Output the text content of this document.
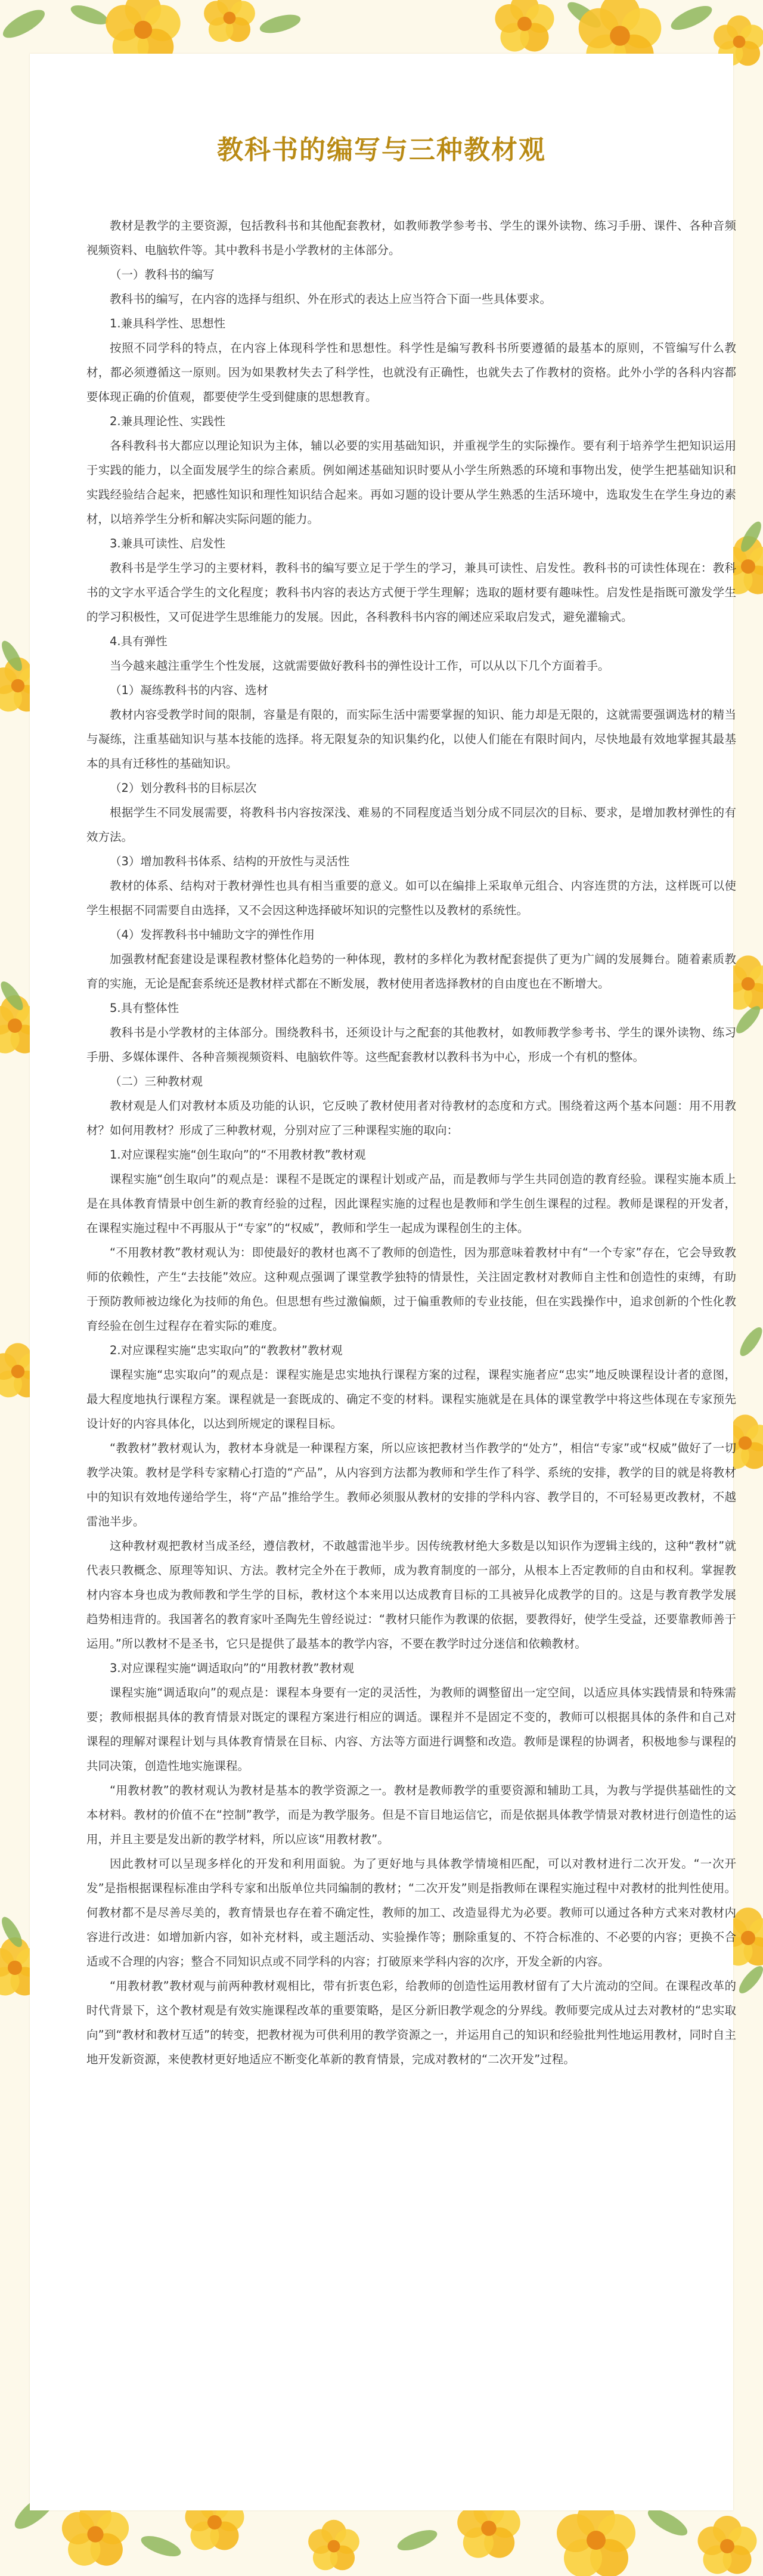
教科书的编写与三种教材观

教材是教学的主要资源，包括教科书和其他配套教材，如教师教学参考书、学生的课外读物、练习手册、课件、各种音频视频资料、电脑软件等。其中教科书是小学教材的主体部分。

（一）教科书的编写

教科书的编写，在内容的选择与组织、外在形式的表达上应当符合下面一些具体要求。

1.兼具科学性、思想性

按照不同学科的特点，在内容上体现科学性和思想性。科学性是编写教科书所要遵循的最基本的原则，不管编写什么教材，都必须遵循这一原则。因为如果教材失去了科学性，也就没有正确性，也就失去了作教材的资格。此外小学的各科内容都要体现正确的价值观，都要使学生受到健康的思想教育。

2.兼具理论性、实践性

各科教科书大都应以理论知识为主体，辅以必要的实用基础知识，并重视学生的实际操作。要有利于培养学生把知识运用于实践的能力，以全面发展学生的综合素质。例如阐述基础知识时要从小学生所熟悉的环境和事物出发，使学生把基础知识和实践经验结合起来，把感性知识和理性知识结合起来。再如习题的设计要从学生熟悉的生活环境中，选取发生在学生身边的素材，以培养学生分析和解决实际问题的能力。

3.兼具可读性、启发性

教科书是学生学习的主要材料，教科书的编写要立足于学生的学习，兼具可读性、启发性。教科书的可读性体现在：教科书的文字水平适合学生的文化程度；教科书内容的表达方式便于学生理解；选取的题材要有趣味性。启发性是指既可激发学生的学习积极性，又可促进学生思维能力的发展。因此，各科教科书内容的阐述应采取启发式，避免灌输式。

4.具有弹性

当今越来越注重学生个性发展，这就需要做好教科书的弹性设计工作，可以从以下几个方面着手。

（1）凝练教科书的内容、选材

教材内容受教学时间的限制，容量是有限的，而实际生活中需要掌握的知识、能力却是无限的，这就需要强调选材的精当与凝练，注重基础知识与基本技能的选择。将无限复杂的知识集约化，以使人们能在有限时间内，尽快地最有效地掌握其最基本的具有迁移性的基础知识。

（2）划分教科书的目标层次

根据学生不同发展需要，将教科书内容按深浅、难易的不同程度适当划分成不同层次的目标、要求，是增加教材弹性的有效方法。

（3）增加教科书体系、结构的开放性与灵活性

教材的体系、结构对于教材弹性也具有相当重要的意义。如可以在编排上采取单元组合、内容连贯的方法，这样既可以使学生根据不同需要自由选择，又不会因这种选择破坏知识的完整性以及教材的系统性。

（4）发挥教科书中辅助文字的弹性作用

加强教材配套建设是课程教材整体化趋势的一种体现，教材的多样化为教材配套提供了更为广阔的发展舞台。随着素质教育的实施，无论是配套系统还是教材样式都在不断发展，教材使用者选择教材的自由度也在不断增大。

5.具有整体性

教科书是小学教材的主体部分。围绕教科书，还须设计与之配套的其他教材，如教师教学参考书、学生的课外读物、练习手册、多媒体课件、各种音频视频资料、电脑软件等。这些配套教材以教科书为中心，形成一个有机的整体。

（二）三种教材观

教材观是人们对教材本质及功能的认识，它反映了教材使用者对待教材的态度和方式。围绕着这两个基本问题：用不用教材？如何用教材？形成了三种教材观，分别对应了三种课程实施的取向：

1.对应课程实施“创生取向”的“不用教材教”教材观

课程实施“创生取向”的观点是：课程不是既定的课程计划或产品，而是教师与学生共同创造的教育经验。课程实施本质上是在具体教育情景中创生新的教育经验的过程，因此课程实施的过程也是教师和学生创生课程的过程。教师是课程的开发者，在课程实施过程中不再服从于“专家”的“权威”，教师和学生一起成为课程创生的主体。

“不用教材教”教材观认为：即使最好的教材也离不了教师的创造性，因为那意味着教材中有“一个专家”存在，它会导致教师的依赖性，产生“去技能”效应。这种观点强调了课堂教学独特的情景性，关注固定教材对教师自主性和创造性的束缚，有助于预防教师被边缘化为技师的角色。但思想有些过激偏颇，过于偏重教师的专业技能，但在实践操作中，追求创新的个性化教育经验在创生过程存在着实际的难度。

2.对应课程实施“忠实取向”的“教教材”教材观

课程实施“忠实取向”的观点是：课程实施是忠实地执行课程方案的过程，课程实施者应“忠实”地反映课程设计者的意图，最大程度地执行课程方案。课程就是一套既成的、确定不变的材料。课程实施就是在具体的课堂教学中将这些体现在专家预先设计好的内容具体化，以达到所规定的课程目标。

“教教材”教材观认为，教材本身就是一种课程方案，所以应该把教材当作教学的“处方”，相信“专家”或“权威”做好了一切教学决策。教材是学科专家精心打造的“产品”，从内容到方法都为教师和学生作了科学、系统的安排，教学的目的就是将教材中的知识有效地传递给学生，将“产品”推给学生。教师必须服从教材的安排的学科内容、教学目的，不可轻易更改教材，不越雷池半步。

这种教材观把教材当成圣经，遵信教材，不敢越雷池半步。因传统教材绝大多数是以知识作为逻辑主线的，这种“教材”就代表只教概念、原理等知识、方法。教材完全外在于教师，成为教育制度的一部分，从根本上否定教师的自由和权利。掌握教材内容本身也成为教师教和学生学的目标，教材这个本来用以达成教育目标的工具被异化成教学的目的。这是与教育教学发展趋势相违背的。我国著名的教育家叶圣陶先生曾经说过：“教材只能作为教课的依据，要教得好，使学生受益，还要靠教师善于运用。”所以教材不是圣书，它只是提供了最基本的教学内容，不要在教学时过分迷信和依赖教材。

3.对应课程实施“调适取向”的“用教材教”教材观

课程实施“调适取向”的观点是：课程本身要有一定的灵活性，为教师的调整留出一定空间，以适应具体实践情景和特殊需要；教师根据具体的教育情景对既定的课程方案进行相应的调适。课程并不是固定不变的，教师可以根据具体的条件和自己对课程的理解对课程计划与具体教育情景在目标、内容、方法等方面进行调整和改造。教师是课程的协调者，积极地参与课程的共同决策，创造性地实施课程。

“用教材教”的教材观认为教材是基本的教学资源之一。教材是教师教学的重要资源和辅助工具，为教与学提供基础性的文本材料。教材的价值不在“控制”教学，而是为教学服务。但是不盲目地运信它，而是依据具体教学情景对教材进行创造性的运用，并且主要是发出新的教学材料，所以应该“用教材教”。

因此教材可以呈现多样化的开发和利用面貌。为了更好地与具体教学情境相匹配，可以对教材进行二次开发。“一次开发”是指根据课程标准由学科专家和出版单位共同编制的教材；“二次开发”则是指教师在课程实施过程中对教材的批判性使用。何教材都不是尽善尽美的，教育情景也存在着不确定性，教师的加工、改造显得尤为必要。教师可以通过各种方式来对教材内容进行改进：如增加新内容，如补充材料，或主题活动、实验操作等；删除重复的、不符合标准的、不必要的内容；更换不合适或不合理的内容；整合不同知识点或不同学科的内容；打破原来学科内容的次序，开发全新的内容。

“用教材教”教材观与前两种教材观相比，带有折衷色彩，给教师的创造性运用教材留有了大片流动的空间。在课程改革的时代背景下，这个教材观是有效实施课程改革的重要策略，是区分新旧教学观念的分界线。教师要完成从过去对教材的“忠实取向”到“教材和教材互适”的转变，把教材视为可供利用的教学资源之一，并运用自己的知识和经验批判性地运用教材，同时自主地开发新资源，来使教材更好地适应不断变化革新的教育情景，完成对教材的“二次开发”过程。
